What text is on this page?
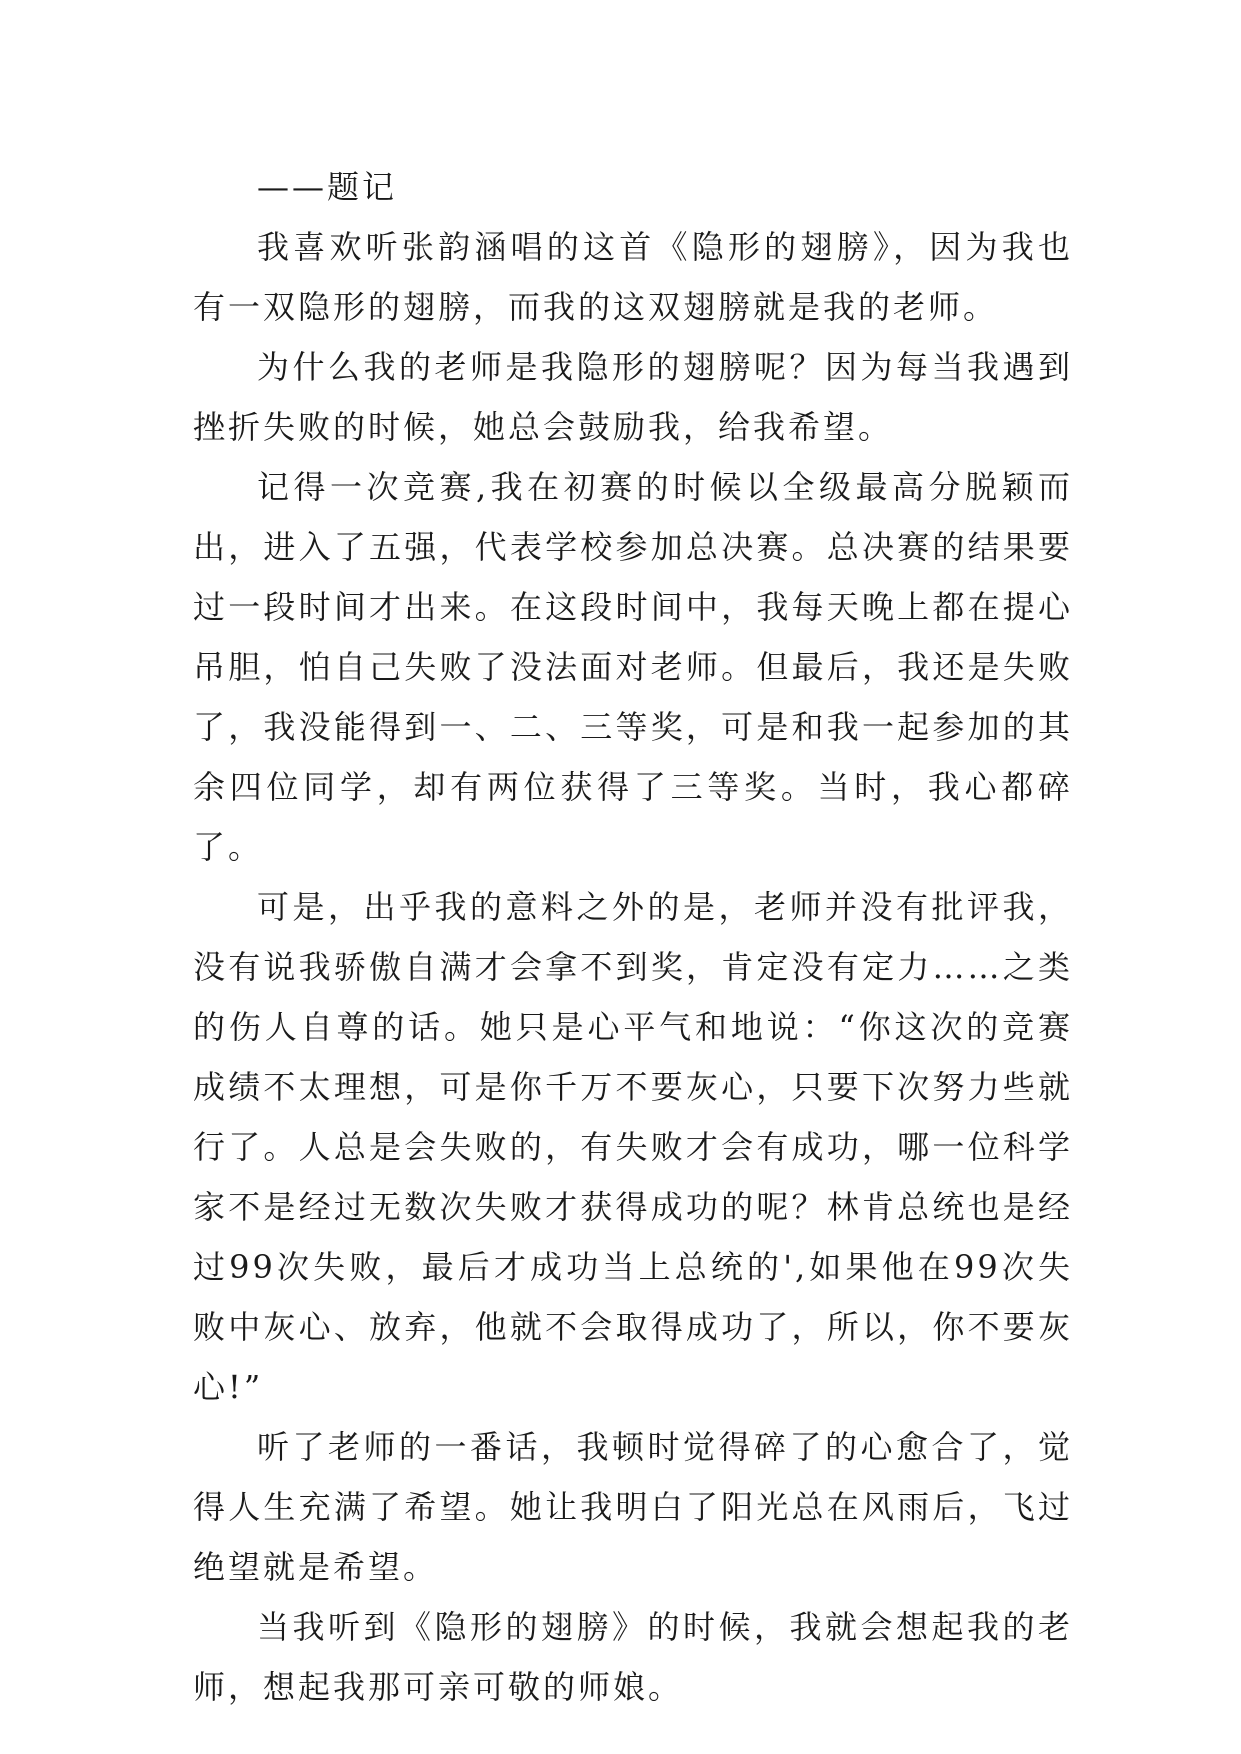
——题记

我喜欢听张韵涵唱的这首《隐形的翅膀》，因为我也有一双隐形的翅膀，而我的这双翅膀就是我的老师。

为什么我的老师是我隐形的翅膀呢？因为每当我遇到挫折失败的时候，她总会鼓励我，给我希望。

记得一次竞赛,我在初赛的时候以全级最高分脱颖而出，进入了五强，代表学校参加总决赛。总决赛的结果要过一段时间才出来。在这段时间中，我每天晚上都在提心吊胆，怕自己失败了没法面对老师。但最后，我还是失败了，我没能得到一、二、三等奖，可是和我一起参加的其余四位同学，却有两位获得了三等奖。当时，我心都碎了。

可是，出乎我的意料之外的是，老师并没有批评我，没有说我骄傲自满才会拿不到奖，肯定没有定力……之类的伤人自尊的话。她只是心平气和地说：“你这次的竞赛成绩不太理想，可是你千万不要灰心，只要下次努力些就行了。人总是会失败的，有失败才会有成功，哪一位科学家不是经过无数次失败才获得成功的呢？林肯总统也是经过99次失败，最后才成功当上总统的',如果他在99次失败中灰心、放弃，他就不会取得成功了，所以，你不要灰心!”

听了老师的一番话，我顿时觉得碎了的心愈合了，觉得人生充满了希望。她让我明白了阳光总在风雨后，飞过绝望就是希望。

当我听到《隐形的翅膀》的时候，我就会想起我的老师，想起我那可亲可敬的师娘。
